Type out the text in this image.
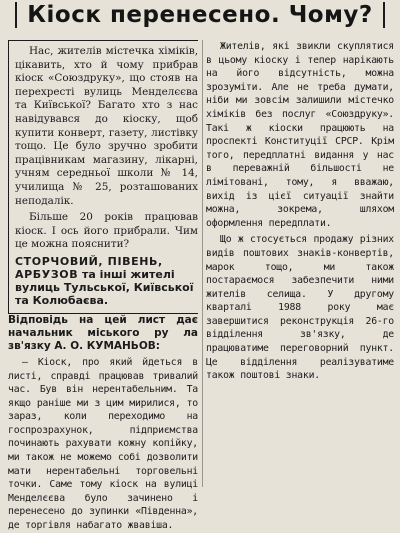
Кіоск перенесено. Чому?

Нас, жителів містечка хіміків, цікавить, хто й чому прибрав кіоск «Союздруку», що стояв на перехресті вулиць Менделєєва та Київської? Багато хто з нас навідувався до кіоску, щоб купити конверт, газету, листівку тощо. Це було зручно зробити працівникам магазину, лікарні, учням середньої школи № 14, училища № 25, розташованих неподалік.

Більше 20 років працював кіоск. І ось його прибрали. Чим це можна пояснити?

СТОРЧОВИЙ, ПІВЕНЬ, АРБУЗОВ та інші жителі вулиць Тульської, Київської та Колюбаєва.

Відповідь на цей лист дає начальник міського ру ла зв'язку А. О. КУМАНЬОВ:

— Кіоск, про який йдеться в листі, справді працював тривалий час. Був він нерентабельним. Та якщо раніше ми з цим мирилися, то зараз, коли переходимо на госпрозрахунок, підприємства починають рахувати кожну копійку, ми також не можемо собі дозволити мати нерентабельні торговельні точки. Саме тому кіоск на вулиці Менделєєва було зачинено і перенесено до зупинки «Південна», де торгівля набагато жвавіша.

Жителів, які звикли скуплятися в цьому кіоску і тепер нарікають на його відсутність, можна зрозуміти. Але не треба думати, ніби ми зовсім залишили містечко хіміків без послуг «Союздруку». Такі ж кіоски працюють на проспекті Конституції СРСР. Крім того, передплатні видання у нас в переважній більшості не лімітовані, тому, я вважаю, вихід із цієї ситуації знайти можна, зокрема, шляхом оформлення передплати.

Що ж стосується продажу різних видів поштових знаків-конвертів, марок тощо, ми також постараємося забезпечити ними жителів селища. У другому кварталі 1988 року має завершитися реконструкція 26-го відділення зв'язку, де працюватиме переговорний пункт. Це відділення реалізуватиме також поштові знаки.
